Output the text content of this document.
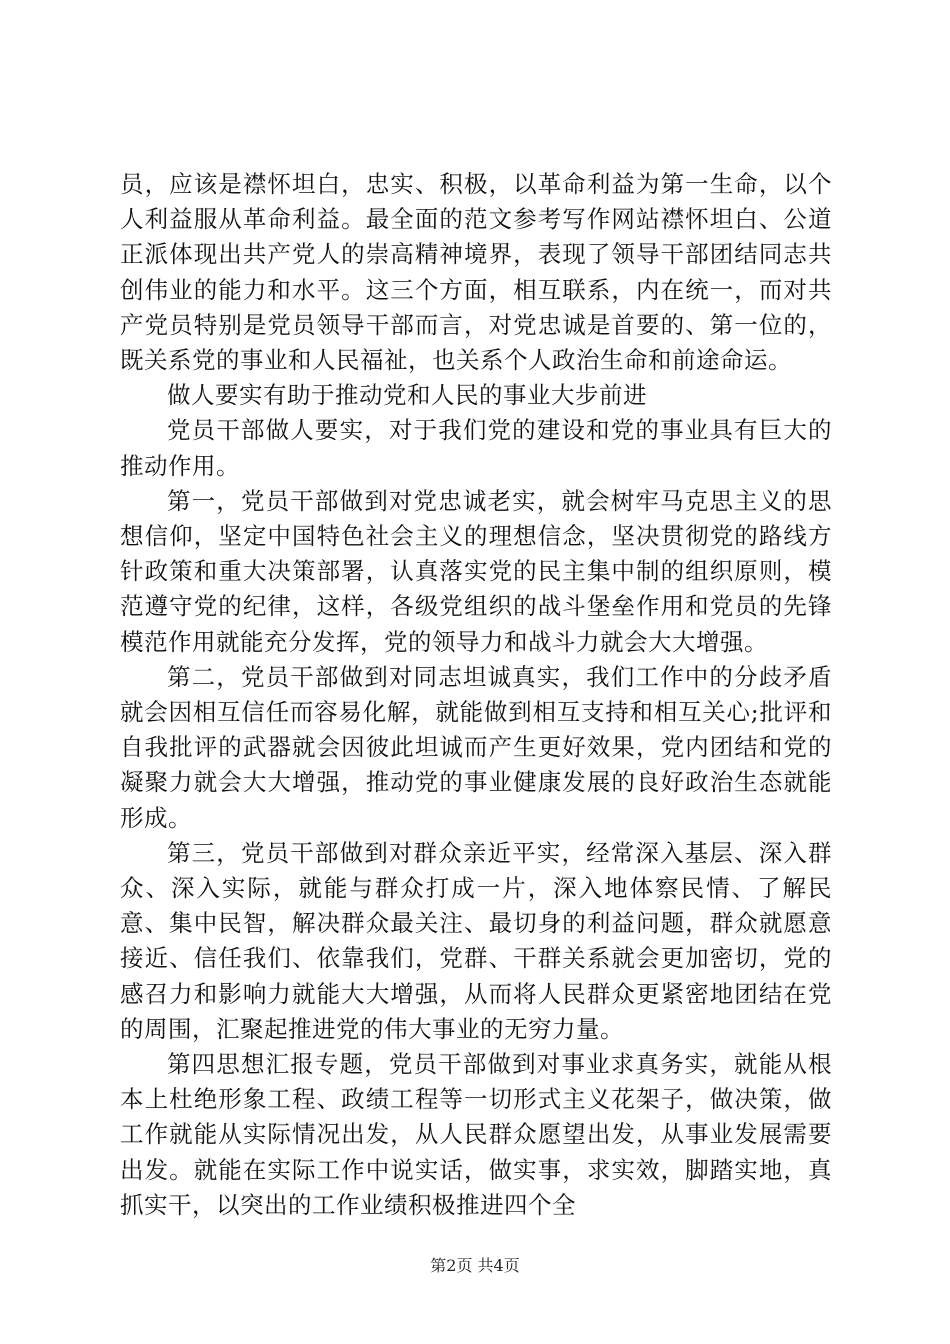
员，应该是襟怀坦白，忠实、积极，以革命利益为第一生命，以个人利益服从革命利益。最全面的范文参考写作网站襟怀坦白、公道正派体现出共产党人的崇高精神境界，表现了领导干部团结同志共创伟业的能力和水平。这三个方面，相互联系，内在统一，而对共产党员特别是党员领导干部而言，对党忠诚是首要的、第一位的，既关系党的事业和人民福祉，也关系个人政治生命和前途命运。

做人要实有助于推动党和人民的事业大步前进

党员干部做人要实，对于我们党的建设和党的事业具有巨大的推动作用。

第一，党员干部做到对党忠诚老实，就会树牢马克思主义的思想信仰，坚定中国特色社会主义的理想信念，坚决贯彻党的路线方针政策和重大决策部署，认真落实党的民主集中制的组织原则，模范遵守党的纪律，这样，各级党组织的战斗堡垒作用和党员的先锋模范作用就能充分发挥，党的领导力和战斗力就会大大增强。

第二，党员干部做到对同志坦诚真实，我们工作中的分歧矛盾就会因相互信任而容易化解，就能做到相互支持和相互关心;批评和自我批评的武器就会因彼此坦诚而产生更好效果，党内团结和党的凝聚力就会大大增强，推动党的事业健康发展的良好政治生态就能形成。

第三，党员干部做到对群众亲近平实，经常深入基层、深入群众、深入实际，就能与群众打成一片，深入地体察民情、了解民意、集中民智，解决群众最关注、最切身的利益问题，群众就愿意接近、信任我们、依靠我们，党群、干群关系就会更加密切，党的感召力和影响力就能大大增强，从而将人民群众更紧密地团结在党的周围，汇聚起推进党的伟大事业的无穷力量。

第四思想汇报专题，党员干部做到对事业求真务实，就能从根本上杜绝形象工程、政绩工程等一切形式主义花架子，做决策，做工作就能从实际情况出发，从人民群众愿望出发，从事业发展需要出发。就能在实际工作中说实话，做实事，求实效，脚踏实地，真抓实干，以突出的工作业绩积极推进四个全

第2页 共4页
